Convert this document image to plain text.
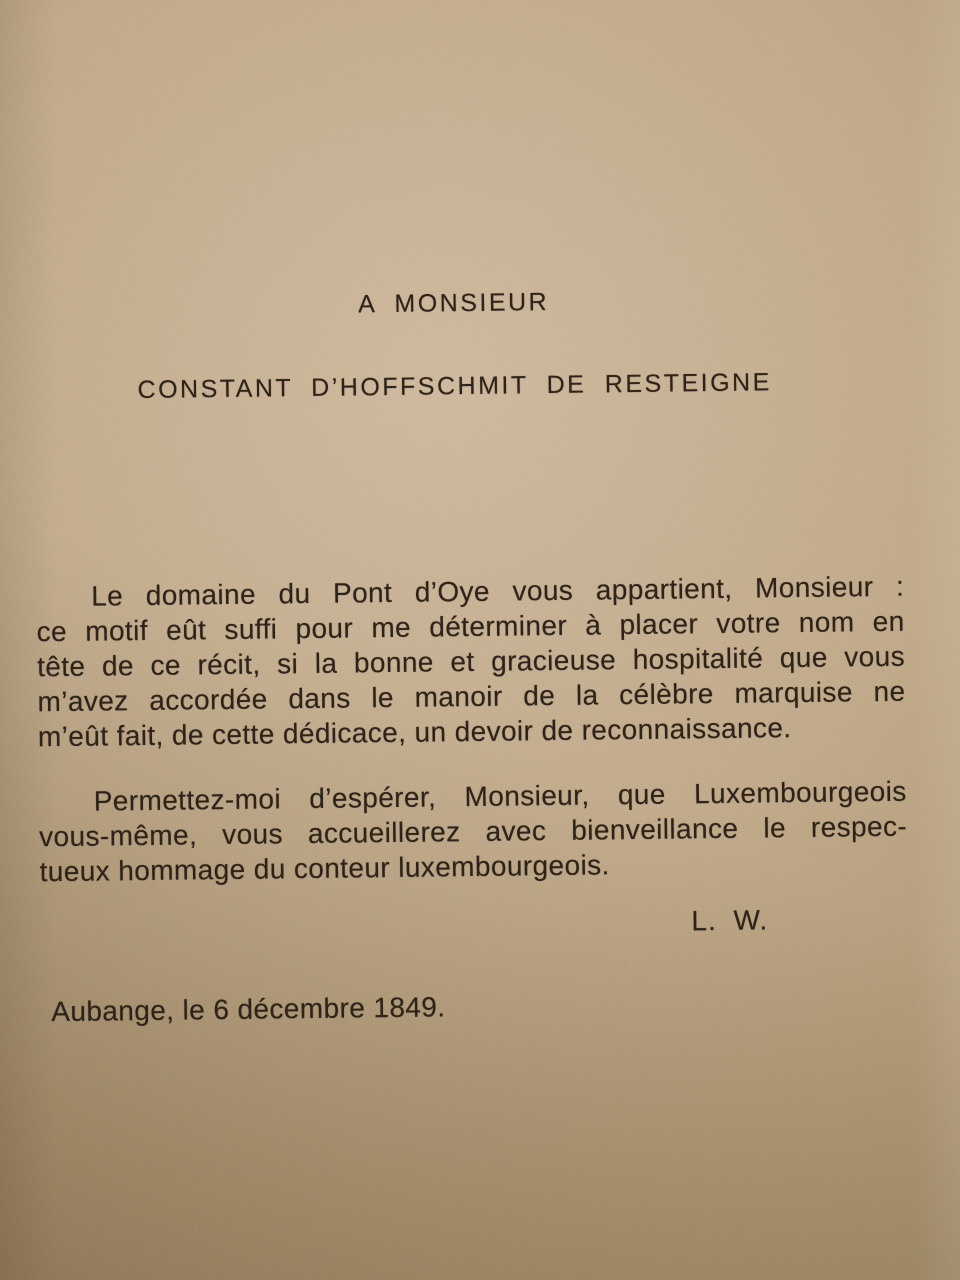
A MONSIEUR
CONSTANT D’HOFFSCHMIT DE RESTEIGNE
Le domaine du Pont d’Oye vous appartient, Monsieur :
ce motif eût suffi pour me déterminer à placer votre nom en
tête de ce récit, si la bonne et gracieuse hospitalité que vous
m’avez accordée dans le manoir de la célèbre marquise ne
m’eût fait, de cette dédicace, un devoir de reconnaissance.
Permettez-moi d’espérer, Monsieur, que Luxembourgeois
vous-même, vous accueillerez avec bienveillance le respec-
tueux hommage du conteur luxembourgeois.
L. W.
Aubange, le 6 décembre 1849.
